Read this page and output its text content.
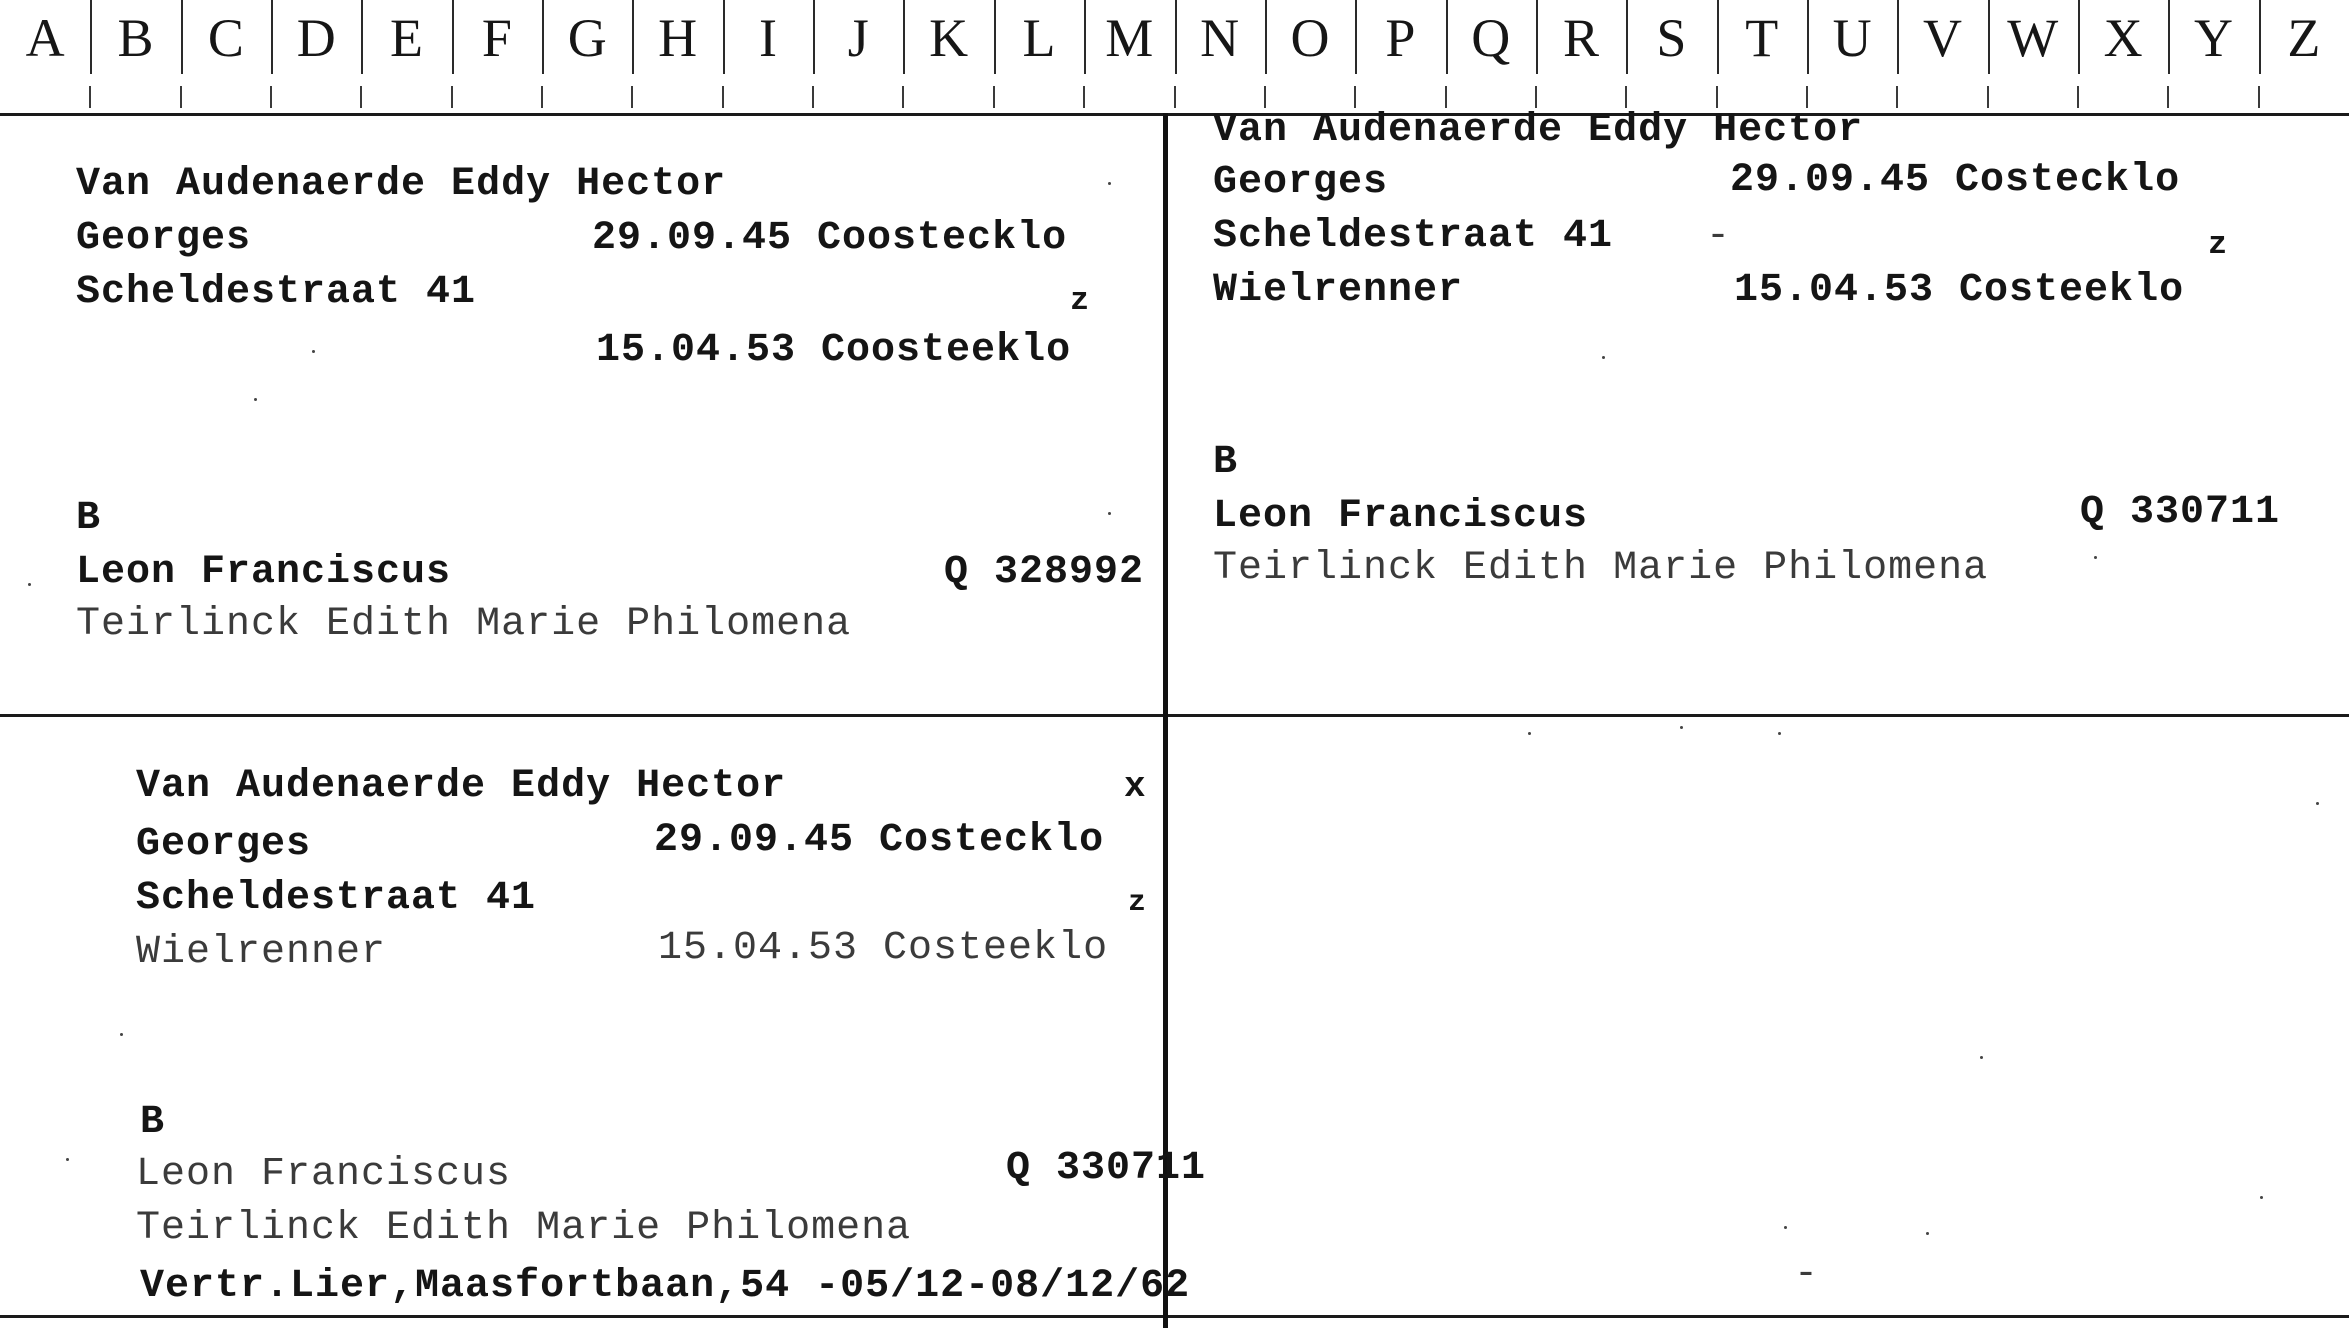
A B	C D	E	F	G H	I	J	K	L M N O	P	Q R	S	T	U V W X Y	Z
Van Audenaerde Eddy Hector
Georges	29.09.45 Coostecklo
Scheldestraat 41	z
15.04.53 Coosteeklo
B
Leon Franciscus	Q 328992
Teirlinck Edith Marie Philomena
Van Audenaerde Eddy Hector
Georges	29.09.45 Costecklo
Scheldestraat 41 -	z
Wielrenner	15.04.53 Costeeklo
B
Leon Franciscus	Q 330711
Teirlinck Edith Marie Philomena
Van Audenaerde Eddy Hector	x
Georges	29.09.45 Costecklo
Scheldestraat 41	z
Wielrenner	15.04.53 Costeeklo
B
Leon Franciscus	Q 330711
Teirlinck Edith Marie Philomena
Vertr.Lier,Maasfortbaan,54 -05/12-08/12/62	-
